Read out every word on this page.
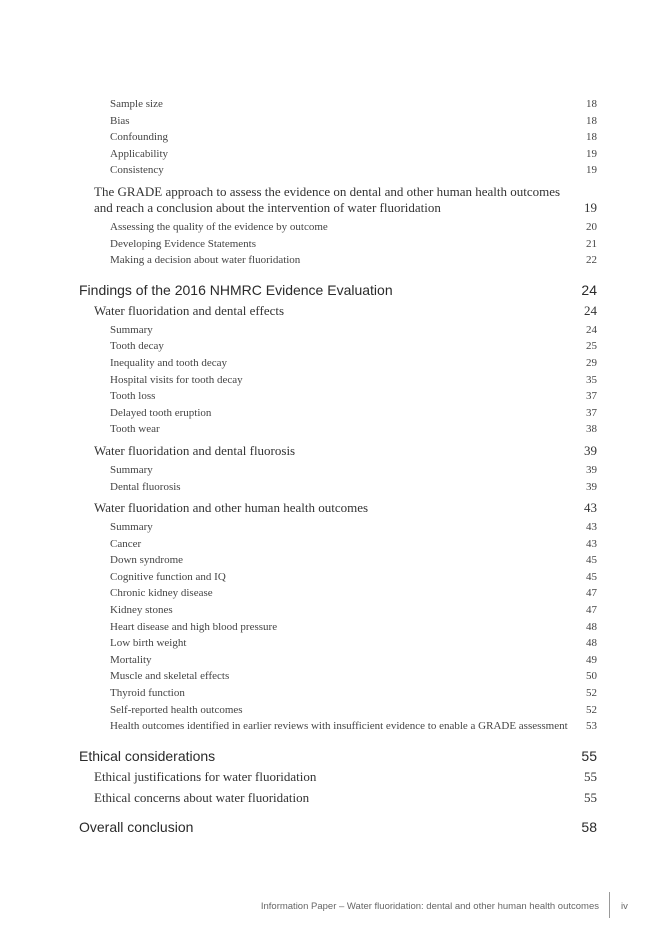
Sample size	18
Bias	18
Confounding	18
Applicability	19
Consistency	19
The GRADE approach to assess the evidence on dental and other human health outcomes
and reach a conclusion about the intervention of water fluoridation	19
Assessing the quality of the evidence by outcome	20
Developing Evidence Statements	21
Making a decision about water fluoridation	22
Findings of the 2016 NHMRC Evidence Evaluation	24
Water fluoridation and dental effects	24
Summary	24
Tooth decay	25
Inequality and tooth decay	29
Hospital visits for tooth decay	35
Tooth loss	37
Delayed tooth eruption	37
Tooth wear	38
Water fluoridation and dental fluorosis	39
Summary	39
Dental fluorosis	39
Water fluoridation and other human health outcomes	43
Summary	43
Cancer	43
Down syndrome	45
Cognitive function and IQ	45
Chronic kidney disease	47
Kidney stones	47
Heart disease and high blood pressure	48
Low birth weight	48
Mortality	49
Muscle and skeletal effects	50
Thyroid function	52
Self-reported health outcomes	52
Health outcomes identified in earlier reviews with insufficient evidence to enable a GRADE assessment	53
Ethical considerations	55
Ethical justifications for water fluoridation	55
Ethical concerns about water fluoridation	55
Overall conclusion	58
Information Paper – Water fluoridation: dental and other human health outcomes iv
